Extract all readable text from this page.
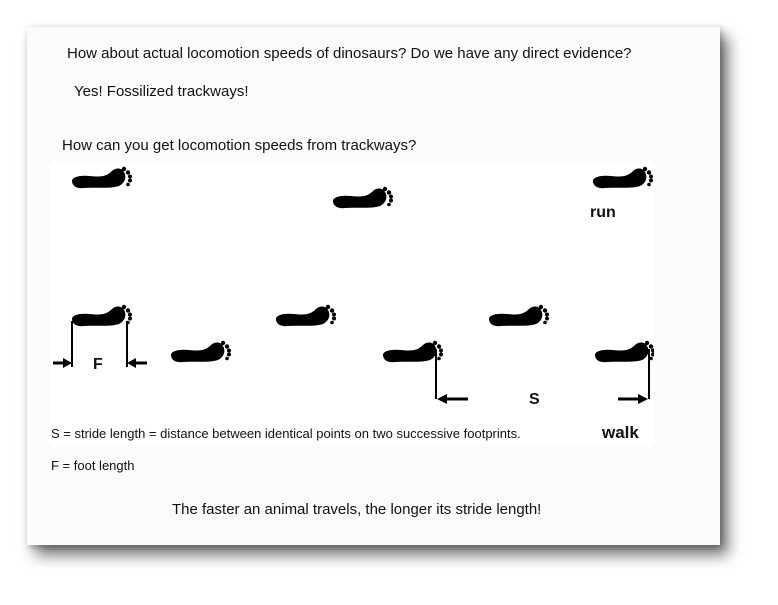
How about actual locomotion speeds of dinosaurs? Do we have any direct evidence?
Yes! Fossilized trackways!
How can you get locomotion speeds from trackways?
run
F
S
walk
S = stride length = distance between identical points on two successive footprints.
F = foot length
The faster an animal travels, the longer its stride length!
